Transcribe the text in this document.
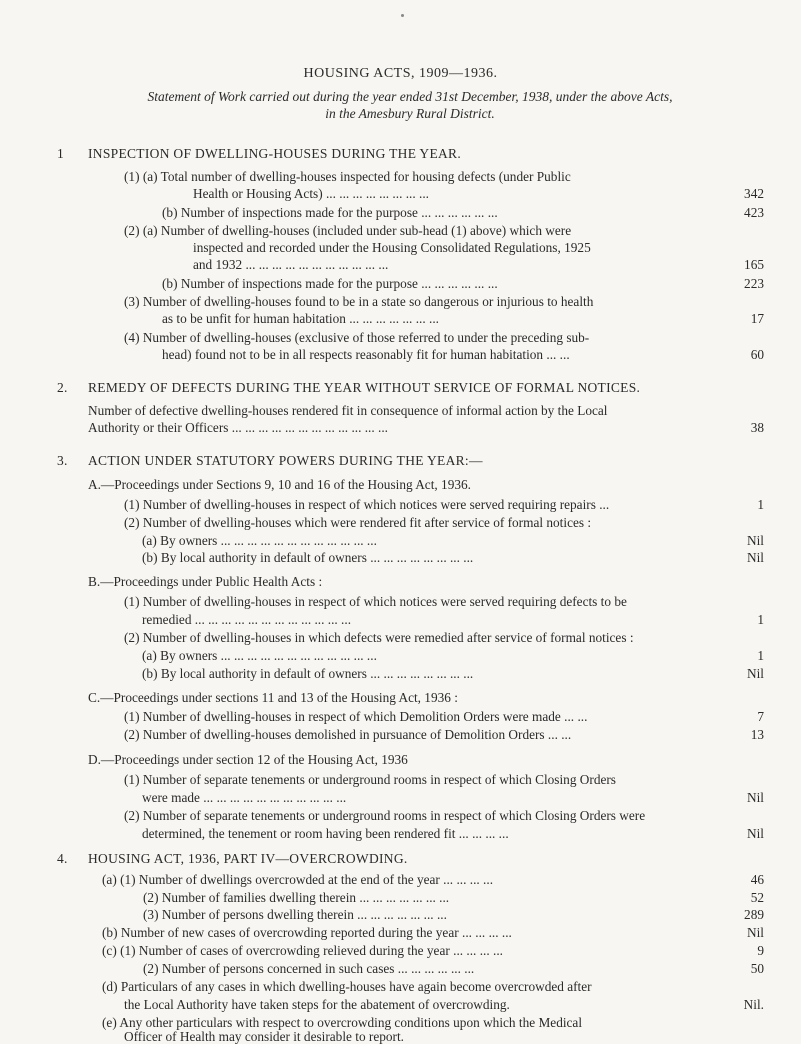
HOUSING ACTS, 1909—1936.
Statement of Work carried out during the year ended 31st December, 1938, under the above Acts,
in the Amesbury Rural District.
1 INSPECTION OF DWELLING-HOUSES DURING THE YEAR.
(1) (a) Total number of dwelling-houses inspected for housing defects (under Public
Health or Housing Acts) ... ... ... ... ... ... ... ...	342
(b) Number of inspections made for the purpose ... ... ... ... ... ...	423
(2) (a) Number of dwelling-houses (included under sub-head (1) above) which were
inspected and recorded under the Housing Consolidated Regulations, 1925
and 1932 ... ... ... ... ... ... ... ... ... ... ...	165
(b) Number of inspections made for the purpose ... ... ... ... ... ...	223
(3) Number of dwelling-houses found to be in a state so dangerous or injurious to health
as to be unfit for human habitation ... ... ... ... ... ... ...	17
(4) Number of dwelling-houses (exclusive of those referred to under the preceding sub-
head) found not to be in all respects reasonably fit for human habitation ... ...	60
2. REMEDY OF DEFECTS DURING THE YEAR WITHOUT SERVICE OF FORMAL NOTICES.
Number of defective dwelling-houses rendered fit in consequence of informal action by the Local
Authority or their Officers ... ... ... ... ... ... ... ... ... ... ... ...	38
3. ACTION UNDER STATUTORY POWERS DURING THE YEAR:—
A.—Proceedings under Sections 9, 10 and 16 of the Housing Act, 1936.
(1) Number of dwelling-houses in respect of which notices were served requiring repairs ...	1
(2) Number of dwelling-houses which were rendered fit after service of formal notices :
(a) By owners ... ... ... ... ... ... ... ... ... ... ... ...	Nil
(b) By local authority in default of owners ... ... ... ... ... ... ... ...	Nil
B.—Proceedings under Public Health Acts :
(1) Number of dwelling-houses in respect of which notices were served requiring defects to be
remedied ... ... ... ... ... ... ... ... ... ... ... ...	1
(2) Number of dwelling-houses in which defects were remedied after service of formal notices :
(a) By owners ... ... ... ... ... ... ... ... ... ... ... ...	1
(b) By local authority in default of owners ... ... ... ... ... ... ... ...	Nil
C.—Proceedings under sections 11 and 13 of the Housing Act, 1936 :
(1) Number of dwelling-houses in respect of which Demolition Orders were made ... ...	7
(2) Number of dwelling-houses demolished in pursuance of Demolition Orders ... ...	13
D.—Proceedings under section 12 of the Housing Act, 1936
(1) Number of separate tenements or underground rooms in respect of which Closing Orders
were made ... ... ... ... ... ... ... ... ... ... ...	Nil
(2) Number of separate tenements or underground rooms in respect of which Closing Orders were
determined, the tenement or room having been rendered fit ... ... ... ...	Nil
4. HOUSING ACT, 1936, PART IV—OVERCROWDING.
(a) (1) Number of dwellings overcrowded at the end of the year ... ... ... ...	46
(2) Number of families dwelling therein ... ... ... ... ... ... ...	52
(3) Number of persons dwelling therein ... ... ... ... ... ... ...	289
(b) Number of new cases of overcrowding reported during the year ... ... ... ...	Nil
(c) (1) Number of cases of overcrowding relieved during the year ... ... ... ...	9
(2) Number of persons concerned in such cases ... ... ... ... ... ...	50
(d) Particulars of any cases in which dwelling-houses have again become overcrowded after
the Local Authority have taken steps for the abatement of overcrowding.	Nil.
(e) Any other particulars with respect to overcrowding conditions upon which the Medical
Officer of Health may consider it desirable to report.
